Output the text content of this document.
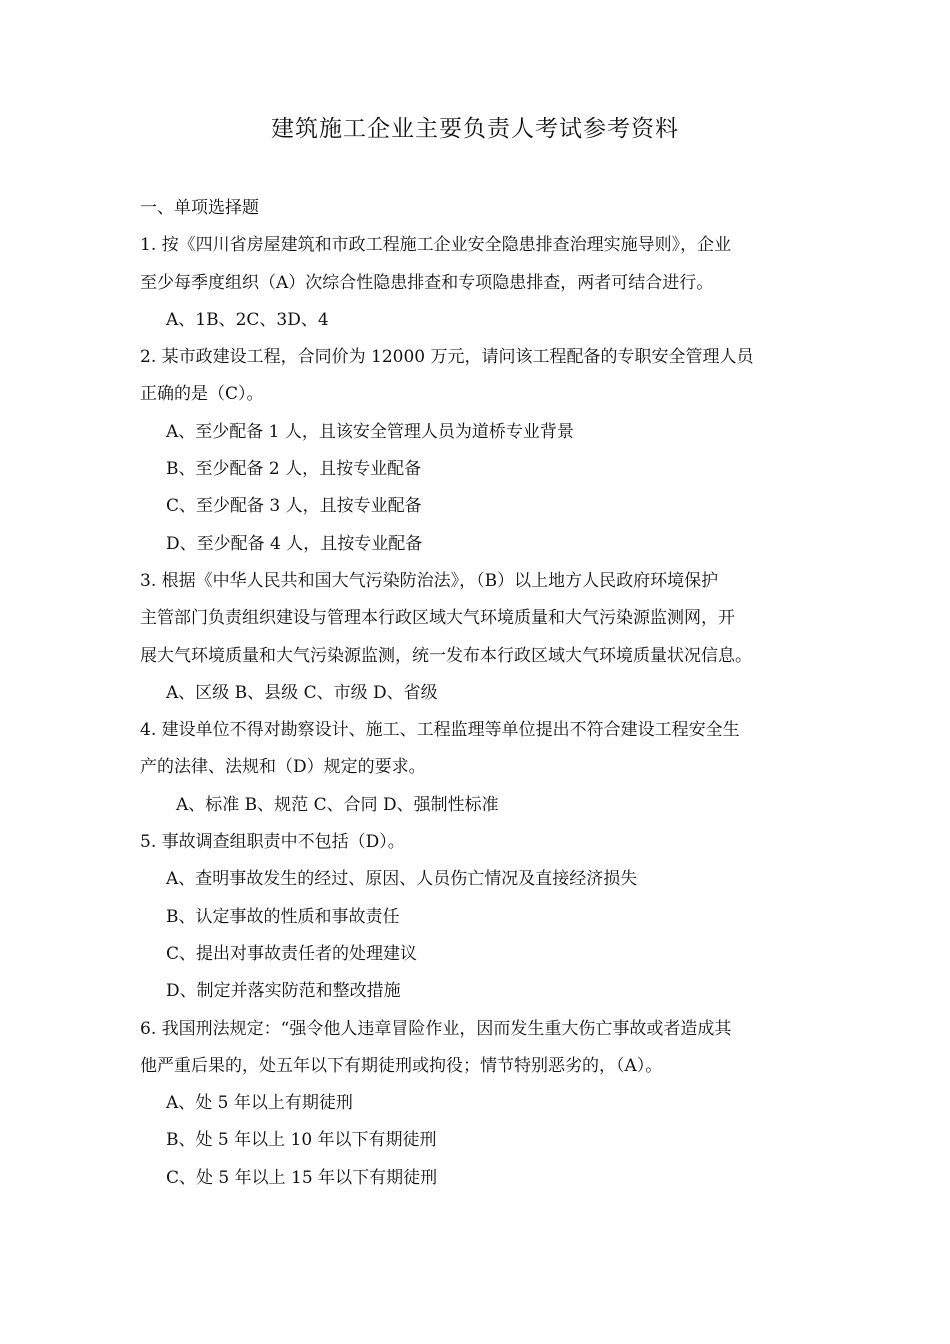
建筑施工企业主要负责人考试参考资料
一、单项选择题
1. 按《四川省房屋建筑和市政工程施工企业安全隐患排查治理实施导则》，企业
至少每季度组织（A）次综合性隐患排查和专项隐患排查，两者可结合进行。
A、1B、2C、3D、4
2. 某市政建设工程，合同价为 12000 万元，请问该工程配备的专职安全管理人员
正确的是（C）。
A、至少配备 1 人，且该安全管理人员为道桥专业背景
B、至少配备 2 人，且按专业配备
C、至少配备 3 人，且按专业配备
D、至少配备 4 人，且按专业配备
3. 根据《中华人民共和国大气污染防治法》，（B）以上地方人民政府环境保护
主管部门负责组织建设与管理本行政区域大气环境质量和大气污染源监测网，开
展大气环境质量和大气污染源监测，统一发布本行政区域大气环境质量状况信息。
A、区级 B、县级 C、市级 D、省级
4. 建设单位不得对勘察设计、施工、工程监理等单位提出不符合建设工程安全生
产的法律、法规和（D）规定的要求。
A、标准 B、规范 C、合同 D、强制性标准
5. 事故调查组职责中不包括（D）。
A、查明事故发生的经过、原因、人员伤亡情况及直接经济损失
B、认定事故的性质和事故责任
C、提出对事故责任者的处理建议
D、制定并落实防范和整改措施
6. 我国刑法规定：“强令他人违章冒险作业，因而发生重大伤亡事故或者造成其
他严重后果的，处五年以下有期徒刑或拘役；情节特别恶劣的，（A）。
A、处 5 年以上有期徒刑
B、处 5 年以上 10 年以下有期徒刑
C、处 5 年以上 15 年以下有期徒刑
